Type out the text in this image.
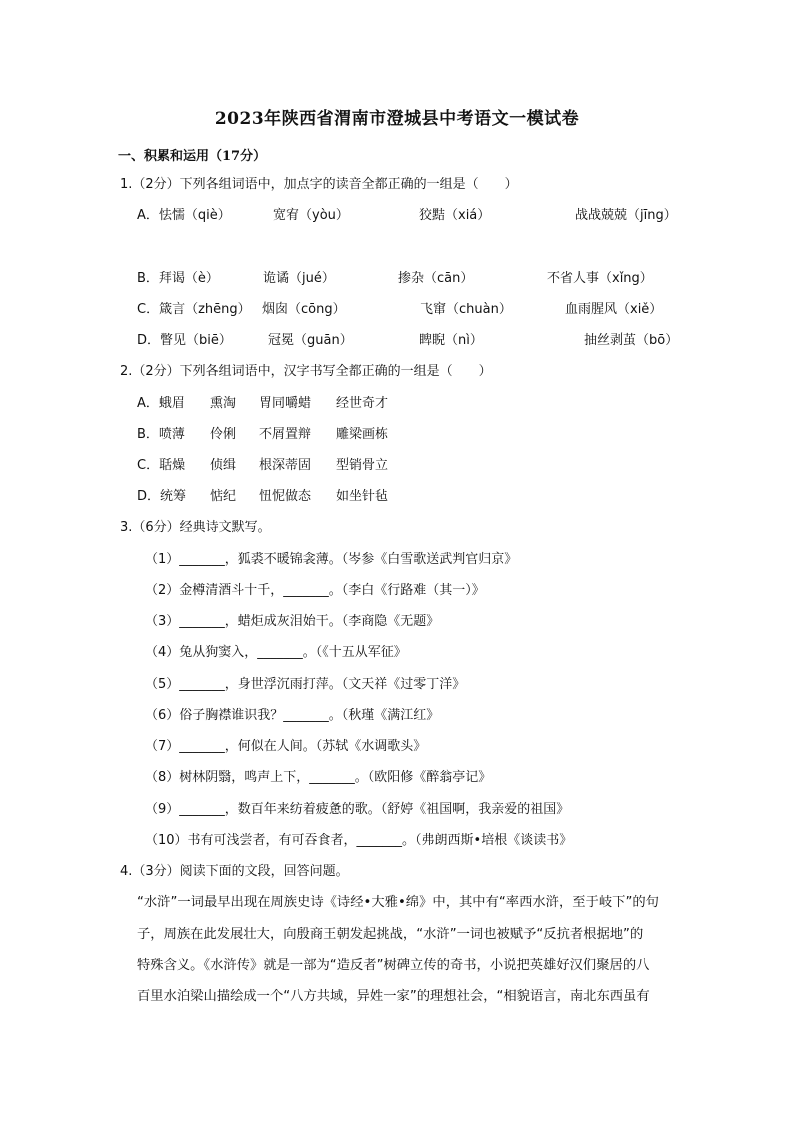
2023年陕西省渭南市澄城县中考语文一模试卷
一、积累和运用（17分）
1.（2分）下列各组词语中，加点字的读音全都正确的一组是（　　）
A．怯懦（qiè）	宽宥（yòu）	狡黠（xiá）	战战兢兢（jīng）
B．拜谒（è）	诡谲（jué）	掺杂（cān）	不省人事（xǐng）
C．箴言（zhēng） 烟囱（cōng）	飞窜（chuàn）	血雨腥风（xiě）
D．瞥见（biē）	冠冕（guān）	睥睨（nì）	抽丝剥茧（bō）
2.（2分）下列各组词语中，汉字书写全都正确的一组是（　　）
A．蛾眉 熏淘 胃同嚼蜡 经世奇才
B．喷薄 伶俐 不屑置辩 雕梁画栋
C．聒燥 侦缉 根深蒂固 型销骨立
D．统筹 惦纪 忸怩做态 如坐针毡
3.（6分）经典诗文默写。
（1）_______，狐裘不暖锦衾薄。（岑参《白雪歌送武判官归京》
（2）金樽清酒斗十千，_______。（李白《行路难（其一）》
（3）_______，蜡炬成灰泪始干。（李商隐《无题》
（4）兔从狗窦入，_______。（《十五从军征》
（5）_______，身世浮沉雨打萍。（文天祥《过零丁洋》
（6）俗子胸襟谁识我？_______。（秋瑾《满江红》
（7）_______，何似在人间。（苏轼《水调歌头》
（8）树林阴翳，鸣声上下，_______。（欧阳修《醉翁亭记》
（9）_______，数百年来纺着疲惫的歌。（舒婷《祖国啊，我亲爱的祖国》
（10）书有可浅尝者，有可吞食者，_______。（弗朗西斯•培根《谈读书》
4.（3分）阅读下面的文段，回答问题。
“水浒”一词最早出现在周族史诗《诗经•大雅•绵》中，其中有“率西水浒，至于岐下”的句
子，周族在此发展壮大，向殷商王朝发起挑战，“水浒”一词也被赋予“反抗者根据地”的
特殊含义。《水浒传》就是一部为“造反者”树碑立传的奇书，小说把英雄好汉们聚居的八
百里水泊梁山描绘成一个“八方共域，异姓一家”的理想社会，“相貌语言，南北东西虽有
